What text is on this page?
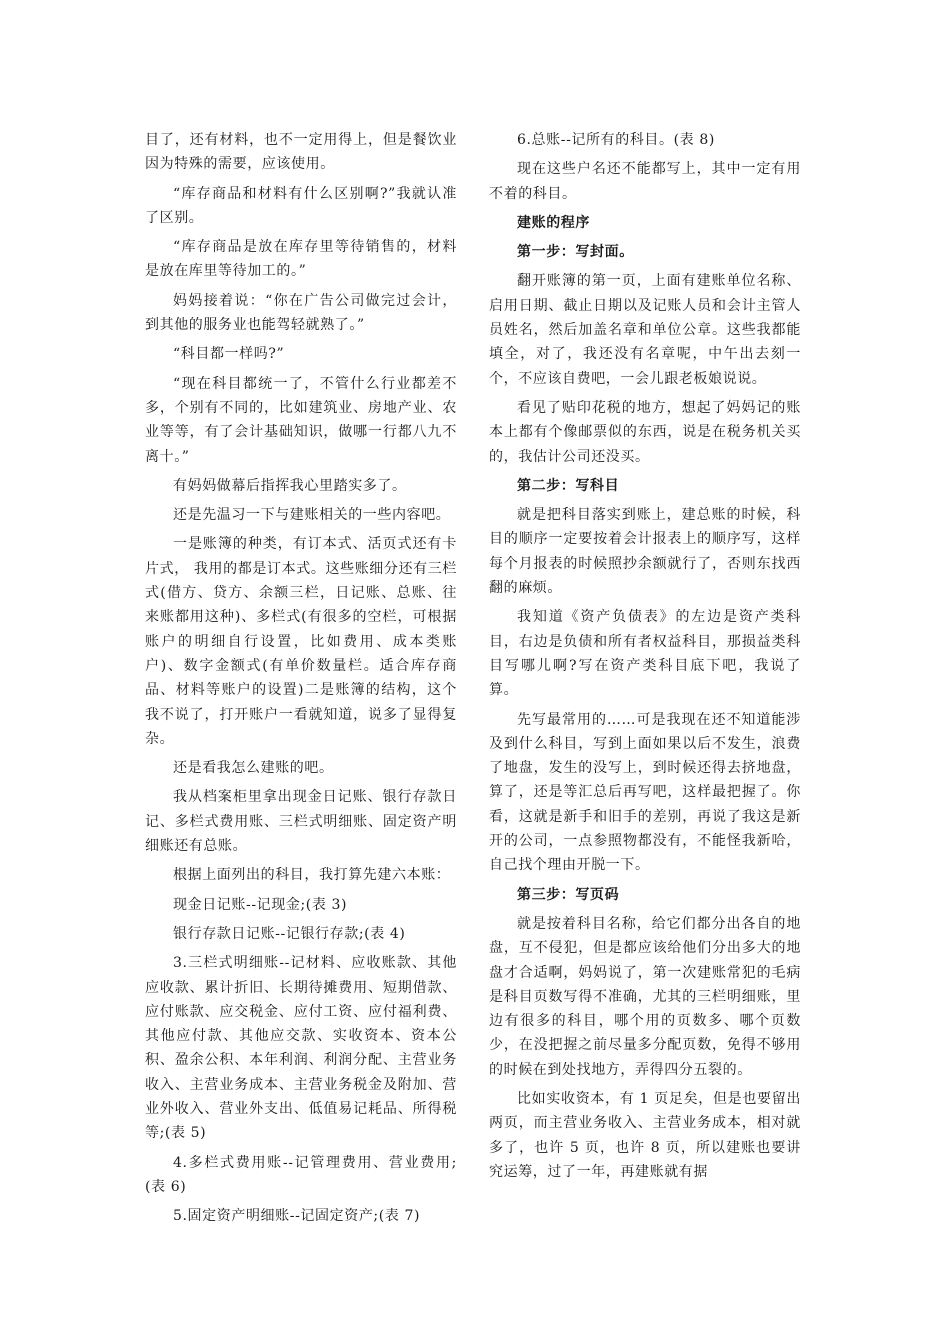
目了，还有材料，也不一定用得上，但是餐饮业因为特殊的需要，应该使用。

“库存商品和材料有什么区别啊?”我就认准了区别。

“库存商品是放在库存里等待销售的，材料是放在库里等待加工的。”

妈妈接着说：“你在广告公司做完过会计，到其他的服务业也能驾轻就熟了。”

“科目都一样吗?”

“现在科目都统一了，不管什么行业都差不多，个别有不同的，比如建筑业、房地产业、农业等等，有了会计基础知识，做哪一行都八九不离十。”

有妈妈做幕后指挥我心里踏实多了。

还是先温习一下与建账相关的一些内容吧。

一是账簿的种类，有订本式、活页式还有卡片式， 我用的都是订本式。这些账细分还有三栏式(借方、贷方、余额三栏，日记账、总账、往来账都用这种)、多栏式(有很多的空栏，可根据账户的明细自行设置，比如费用、成本类账户)、数字金额式(有单价数量栏。适合库存商品、材料等账户的设置)二是账簿的结构，这个我不说了，打开账户一看就知道，说多了显得复杂。

还是看我怎么建账的吧。

我从档案柜里拿出现金日记账、银行存款日记、多栏式费用账、三栏式明细账、固定资产明细账还有总账。

根据上面列出的科目，我打算先建六本账：

现金日记账--记现金;(表 3)

银行存款日记账--记银行存款;(表 4)

3.三栏式明细账--记材料、应收账款、其他应收款、累计折旧、长期待摊费用、短期借款、应付账款、应交税金、应付工资、应付福利费、其他应付款、其他应交款、实收资本、资本公积、盈余公积、本年利润、利润分配、主营业务收入、主营业务成本、主营业务税金及附加、营业外收入、营业外支出、低值易记耗品、所得税等;(表 5)

4.多栏式费用账--记管理费用、营业费用;(表 6)

5.固定资产明细账--记固定资产;(表 7)

6.总账--记所有的科目。(表 8)

现在这些户名还不能都写上，其中一定有用不着的科目。

建账的程序

第一步：写封面。

翻开账簿的第一页，上面有建账单位名称、启用日期、截止日期以及记账人员和会计主管人员姓名，然后加盖名章和单位公章。这些我都能填全，对了，我还没有名章呢，中午出去刻一个，不应该自费吧，一会儿跟老板娘说说。

看见了贴印花税的地方，想起了妈妈记的账本上都有个像邮票似的东西，说是在税务机关买的，我估计公司还没买。

第二步：写科目

就是把科目落实到账上，建总账的时候，科目的顺序一定要按着会计报表上的顺序写，这样每个月报表的时候照抄余额就行了，否则东找西翻的麻烦。

我知道《资产负债表》的左边是资产类科目，右边是负债和所有者权益科目，那损益类科目写哪儿啊?写在资产类科目底下吧，我说了算。

先写最常用的……可是我现在还不知道能涉及到什么科目，写到上面如果以后不发生，浪费了地盘，发生的没写上，到时候还得去挤地盘，算了，还是等汇总后再写吧，这样最把握了。你看，这就是新手和旧手的差别，再说了我这是新开的公司，一点参照物都没有，不能怪我新哈，自己找个理由开脱一下。

第三步：写页码

就是按着科目名称，给它们都分出各自的地盘，互不侵犯，但是都应该给他们分出多大的地盘才合适啊，妈妈说了，第一次建账常犯的毛病是科目页数写得不准确，尤其的三栏明细账，里边有很多的科目，哪个用的页数多、哪个页数少，在没把握之前尽量多分配页数，免得不够用的时候在到处找地方，弄得四分五裂的。

比如实收资本，有 1 页足矣，但是也要留出两页，而主营业务收入、主营业务成本，相对就多了，也许 5 页，也许 8 页，所以建账也要讲究运筹，过了一年，再建账就有据
